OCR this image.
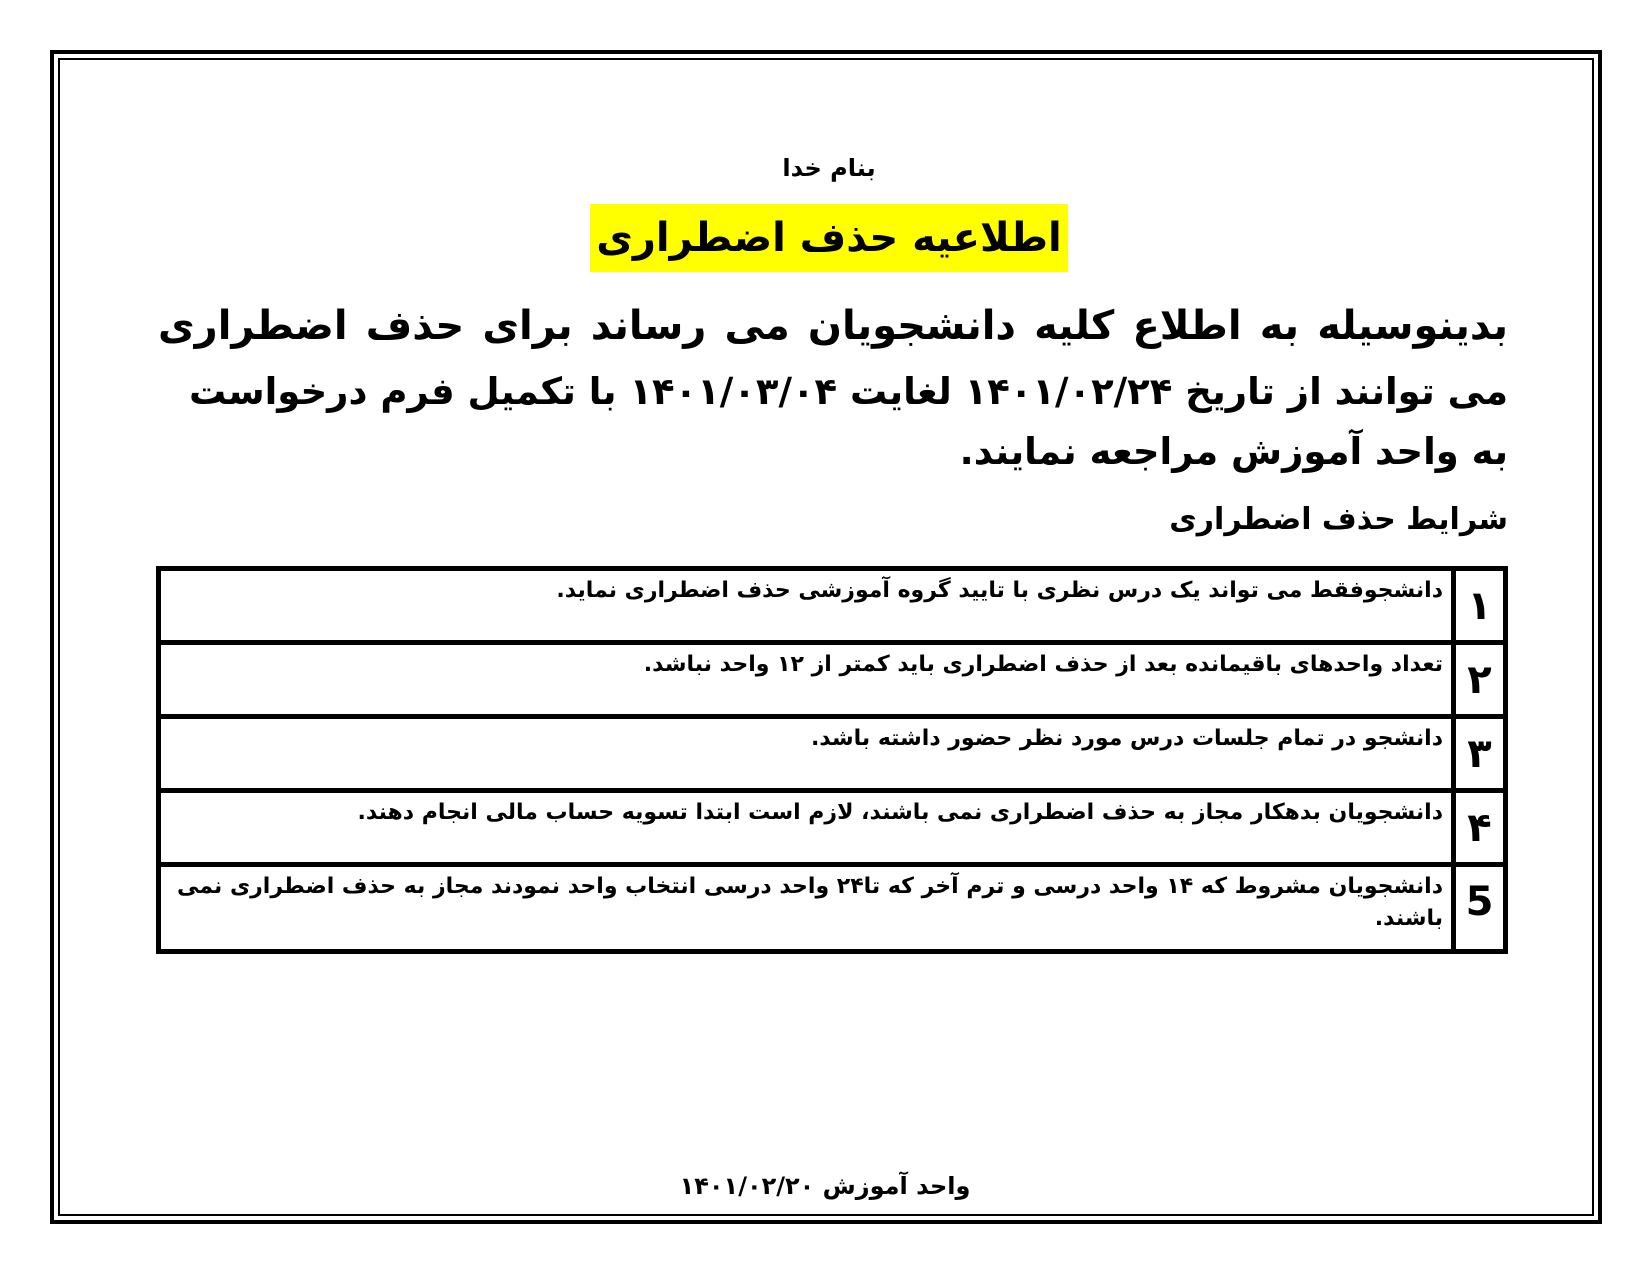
بنام خدا

اطلاعیه حذف اضطراری
بدینوسیله به اطلاع کلیه دانشجویان می رساند برای حذف اضطراری
می توانند از تاریخ ۱۴۰۱/۰۲/۲۴ لغایت ۱۴۰۱/۰۳/۰۴ با تکمیل فرم درخواست به واحد آموزش مراجعه نمایند.
شرایط حذف اضطراری
۱
دانشجوفقط می تواند یک درس نظری با تایید گروه آموزشی حذف اضطراری نماید.
۲
تعداد واحدهای باقیمانده بعد از حذف اضطراری باید کمتر از ۱۲ واحد نباشد.
۳
دانشجو در تمام جلسات درس مورد نظر حضور داشته باشد.
۴
دانشجویان بدهکار مجاز به حذف اضطراری نمی باشند، لازم است ابتدا تسویه حساب مالی انجام دهند.
5
دانشجویان مشروط که ۱۴ واحد درسی و ترم آخر که تا۲۴ واحد درسی انتخاب واحد نمودند مجاز به حذف اضطراری نمی باشند.
واحد آموزش ۱۴۰۱/۰۲/۲۰
